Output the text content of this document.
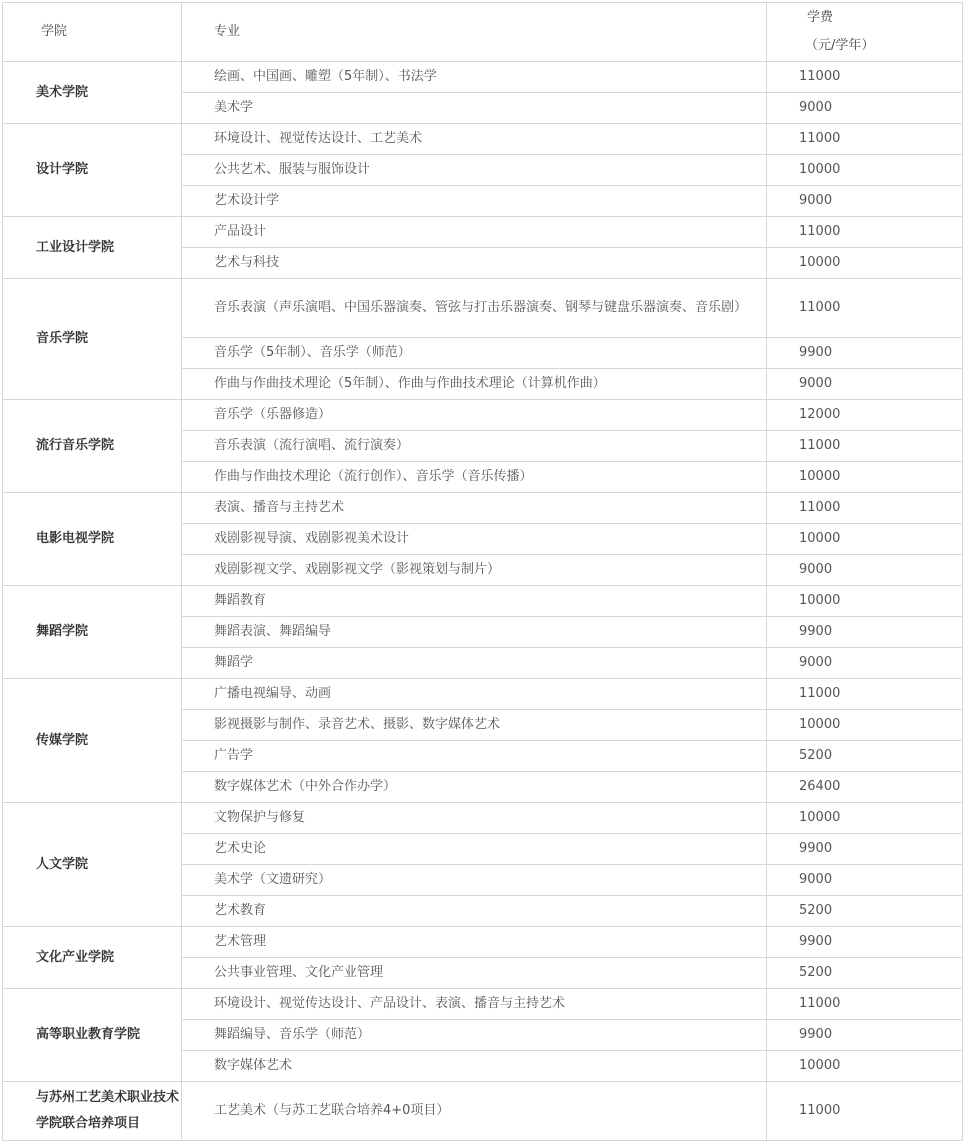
学院	专业	学费
（元/学年）

美术学院	绘画、中国画、雕塑（5年制）、书法学	11000
	美术学	9000
设计学院	环境设计、视觉传达设计、工艺美术	11000
	公共艺术、服装与服饰设计	10000
	艺术设计学	9000
工业设计学院	产品设计	11000
	艺术与科技	10000
音乐学院	音乐表演（声乐演唱、中国乐器演奏、管弦与打击乐器演奏、钢琴与键盘乐器演奏、音乐剧）	11000
	音乐学（5年制）、音乐学（师范）	9900
	作曲与作曲技术理论（5年制）、作曲与作曲技术理论（计算机作曲）	9000
流行音乐学院	音乐学（乐器修造）	12000
	音乐表演（流行演唱、流行演奏）	11000
	作曲与作曲技术理论（流行创作）、音乐学（音乐传播）	10000
电影电视学院	表演、播音与主持艺术	11000
	戏剧影视导演、戏剧影视美术设计	10000
	戏剧影视文学、戏剧影视文学（影视策划与制片）	9000
舞蹈学院	舞蹈教育	10000
	舞蹈表演、舞蹈编导	9900
	舞蹈学	9000
传媒学院	广播电视编导、动画	11000
	影视摄影与制作、录音艺术、摄影、数字媒体艺术	10000
	广告学	5200
	数字媒体艺术（中外合作办学）	26400
人文学院	文物保护与修复	10000
	艺术史论	9900
	美术学（文遗研究）	9000
	艺术教育	5200
文化产业学院	艺术管理	9900
	公共事业管理、文化产业管理	5200
高等职业教育学院	环境设计、视觉传达设计、产品设计、表演、播音与主持艺术	11000
	舞蹈编导、音乐学（师范）	9900
	数字媒体艺术	10000
与苏州工艺美术职业技术学院联合培养项目	工艺美术（与苏工艺联合培养4+0项目）	11000
